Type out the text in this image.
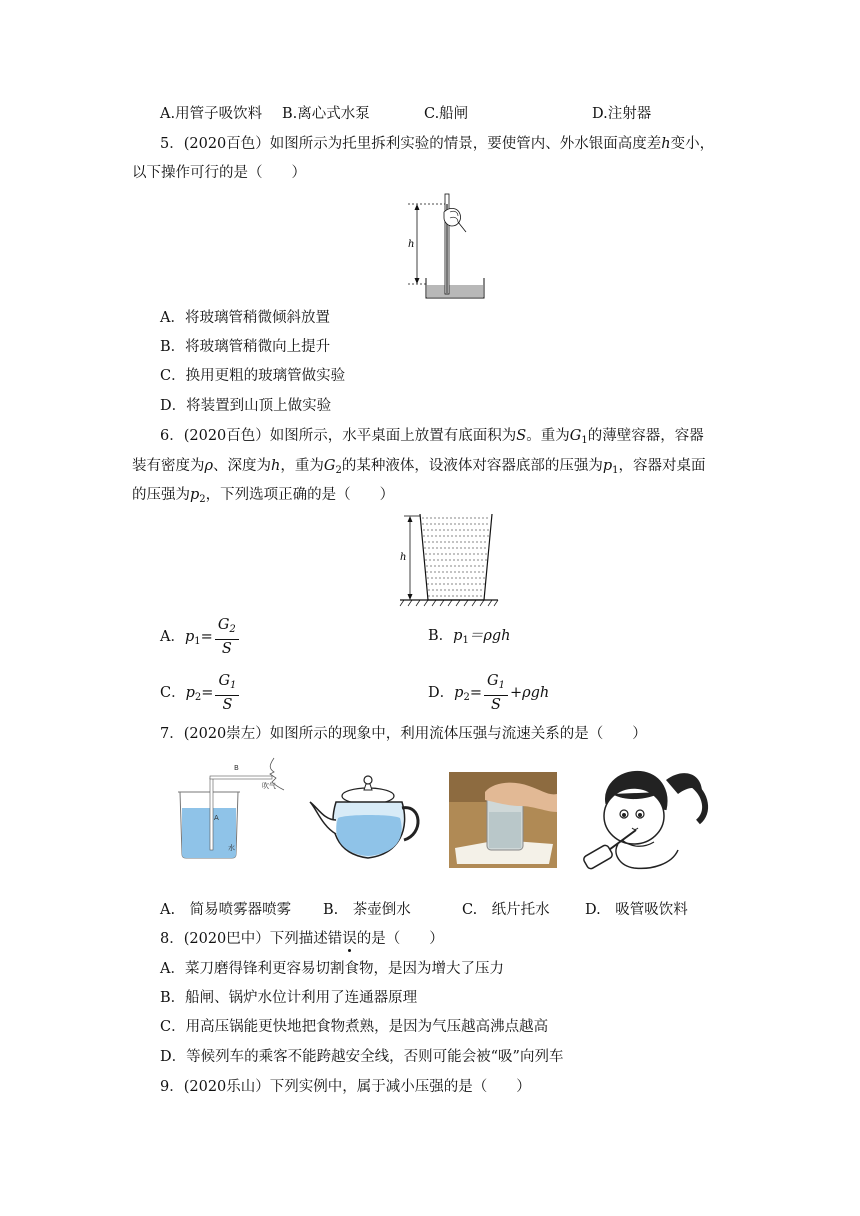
A.用管子吸饮料 B.离心式水泵	C.船闸	D.注射器
5．(2020百色）如图所示为托里拆利实验的情景，要使管内、外水银面高度差h变小，
以下操作可行的是（　　）
h
A．将玻璃管稍微倾斜放置
B．将玻璃管稍微向上提升
C．换用更粗的玻璃管做实验
D．将装置到山顶上做实验
6．(2020百色）如图所示，水平桌面上放置有底面积为S。重为$G_1$的薄壁容器，容器
装有密度为ρ、深度为h，重为$G_2$的某种液体，设液体对容器底部的压强为$p_1$，容器对桌面
的压强为$p_2$，下列选项正确的是（　　）
h
A．$p_1= \frac{G_2}{S}$	B．$p_1=\rho gh$
C．$p_2= \frac{G_1}{S}$	D．$p_2= \frac{G_1}{S} +\rho gh$
7．(2020崇左）如图所示的现象中，利用流体压强与流速关系的是（　　）
A
B
吹气
水
A.　简易喷雾器喷雾 B.　茶壶倒水	C.　纸片托水 D.　吸管吸饮料
8．(2020巴中）下列描述错误的是（　　）
A．菜刀磨得锋利更容易切割食物，是因为增大了压力
B．船闸、锅炉水位计利用了连通器原理
C．用高压锅能更快地把食物煮熟，是因为气压越高沸点越高
D．等候列车的乘客不能跨越安全线，否则可能会被“吸”向列车
9．(2020乐山）下列实例中，属于减小压强的是（　　）
